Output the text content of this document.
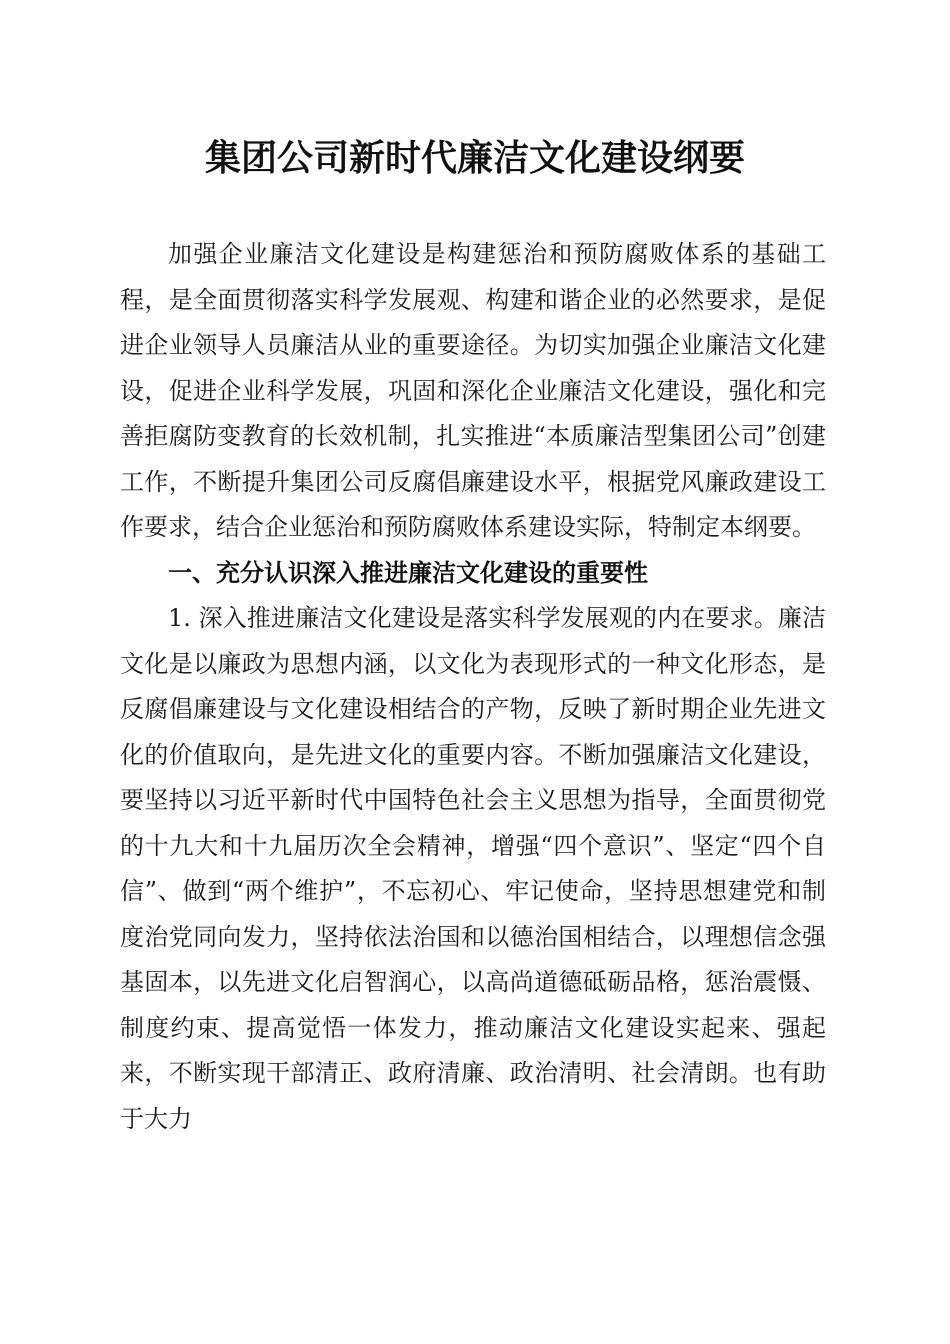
集团公司新时代廉洁文化建设纲要

加强企业廉洁文化建设是构建惩治和预防腐败体系的基础工程，是全面贯彻落实科学发展观、构建和谐企业的必然要求，是促进企业领导人员廉洁从业的重要途径。为切实加强企业廉洁文化建设，促进企业科学发展，巩固和深化企业廉洁文化建设，强化和完善拒腐防变教育的长效机制，扎实推进“本质廉洁型集团公司”创建工作，不断提升集团公司反腐倡廉建设水平，根据党风廉政建设工作要求，结合企业惩治和预防腐败体系建设实际，特制定本纲要。

一、充分认识深入推进廉洁文化建设的重要性

1. 深入推进廉洁文化建设是落实科学发展观的内在要求。廉洁文化是以廉政为思想内涵，以文化为表现形式的一种文化形态，是反腐倡廉建设与文化建设相结合的产物，反映了新时期企业先进文化的价值取向，是先进文化的重要内容。不断加强廉洁文化建设，要坚持以习近平新时代中国特色社会主义思想为指导，全面贯彻党的十九大和十九届历次全会精神，增强“四个意识”、坚定“四个自信”、做到“两个维护”，不忘初心、牢记使命，坚持思想建党和制度治党同向发力，坚持依法治国和以德治国相结合，以理想信念强基固本，以先进文化启智润心，以高尚道德砥砺品格，惩治震慑、制度约束、提高觉悟一体发力，推动廉洁文化建设实起来、强起来，不断实现干部清正、政府清廉、政治清明、社会清朗。也有助于大力
